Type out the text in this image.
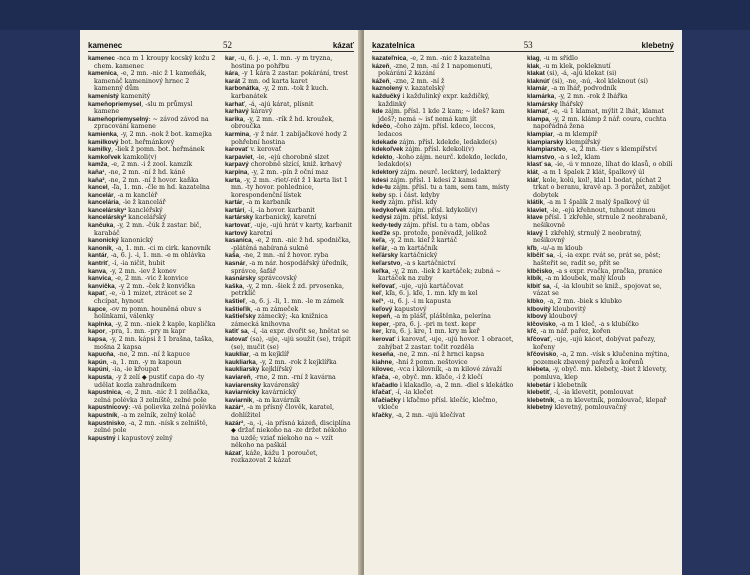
kamenec	52	kázať
kamenec -nca m 1 kroupy kocský kožu 2 chem. kamenec
kamenica, -e, 2 mn. -nic ž 1 kameňák, kamenáč kameninový hrnec 2 kamenný dům
kamenistý kamenitý
kameňopriemysel, -slu m průmysl kamene
kameňopriemyselný: ~ závod závod na zpracování kamene
kamienka, -y, 2 mn. -nok ž bot. kamejka
kamilkový bot. heřmánkový
kamilky, -liek ž pomn. bot. heřmánek
kamkoľvek kamkoli(v)
kamža, -e, 2 mn. -i ž zool. kamzík
kaňa¹, -ne, 2 mn. -ní ž hd. káně
kaňa², -ne, 2 mn. -ní ž hovor. kaňka
kancel, -ľa, 1. mn. -čle m hd. kazatelna
kancelár, -a m kancléř
kancelária, -ie ž kancelář
kancelársky¹ kancléřský
kancelársky² kancelářský
kančuka, -y, 2 mn. -čúk ž zastar. bič, karabáč
kanonický kanonický
kanonik, -a, 1. mn. -ci m cirk. kanovník
kantár, -a, 6. j. -i, 1. mn. -e m ohlávka
kantriť, -í, -ia ničit, hubit
kanva, -y, 2 mn. -iev ž konev
kanvica, -e, 2 mn. -vic ž konvice
kanvička, -y 2 mn. -ček ž konvička
kapať, -e, -ú 1 mizet, ztrácet se 2 chcípat, hynout
kapce, -ov m pomn. houněná obuv s holínkami, válenky
kaplnka, -y, 2 mn. -niek ž kaple, kaplička
kapor, -pra, 1. mn. -pry m kapr
kapsa, -y, 2 mn. kápsi ž 1 brašna, taška, mošna 2 kapsa
kapucňa, -ne, 2 mn. -ní ž kapuce
kapún, -a, 1. mn. -y m kapoun
kapúni, -ia, -ie křoupat
kapusta, -y ž zelí ◆ pustiť capa do -ty udělat kozla zahradníkem
kapustnica, -e, 2 mn. -nic ž 1 zelňačka, zelná polévka 3 zelníště, zelné pole
kapustnicový: -vá polievka zelná polévka
kapustník, -a m zelník, zelný koláč
kapustnisko, -a, 2 mn. -nísk s zelniště, zelné pole
kapustný i kapustový zelný
kar, -u, 6. j. -e, 1. mn. -y m tryzna, hostina po pohřbu
kára, -y 1 kára 2 zastar. pokárání, trest
karát 2 mn. od karta karet
karbonátka, -y, 2 mn. -tok ž kuch. karbanátek
karhať, -á, -ajú kárat, plísnit
karhavý káravý
karika, -y, 2 mn. -rík ž hd. kroužek, obroučka
karmina, -y ž nár. 1 zabíjačkové hody 2 pohřební hostina
karovať v. kerovať
karpaviet, -ie, -ejú chorobně slzet
karpavý chorobně slzící, kniž. krhavý
karpina, -y, 2 mn. -pín ž oční maz
karta, -y, 2 mn. -riet/-rát ž 1 karta list 1 mn. -ty hovor. pohlednice, korespondenční lístek
kartár, -a m karbaník
kartárí, -í, -ia hovor. karbanit
kartársky karbanický, karetní
kartovať, -uje, -ujú hrát v karty, karbanit
kartový karetní
kasanica, -e, 2 mn. -nic ž hd. spodnička, -plátěná nabíraná sukně
kaša, -ne, 2 mn. -ní ž hovor. ryba
kasnár, -a m nár. hospodářský úředník, správce, šafář
kasnársky správcovský
kaška, -y, 2 mn. -šiek ž zd. prvosenka, petrklíč
kaštieľ, -a, 6. j. -li, 1. mn. -le m zámek
kaštieľik, -a m zámeček
kaštieľsky zámecký; -ka knižnica zámecká knihovna
katiť sa, -í, -ia expr. dvořit se, hnětat se
katovať (sa), -uje, -ujú soužit (se), trápit (se), mučit (se)
kaukliar, -a m kejklíř
kaukliarka, -y, 2 mn. -rok ž kejklířka
kaukliarsky kejklířský
kaviareň, -rne, 2 mn. -rní ž kavárna
kaviarensky kavárenský
kaviarnícky kavárnický
kaviarnik, -a m kavárník
kazár¹, -a m pŕísný člověk, karatel, dohlížitel
kazár², -a, -i, -ia pŕísná kázeň, disciplína ◆ držať niekoho na -ze držet někoho na uzdě; vziať niekoho na ~ vzít někoho na paškál
kázať, káže, kážu 1 poroučet, rozkazovat 2 kázat
kazatelnica	53	klebetný
kazateľnica, -e, 2 mn. -nic ž kazatelna
kázeň, -zne, 2 mn. -ní ž 1 napomenutí, pokárání 2 kázání
kážeň, -zne, 2 mn. -ní ž
kaznolený v. kazatelský
každučký i každulinký expr. každičký, každinký
kde zájm. přísl. 1 kde 2 kam; ~ ideš? kam jdeš?; nemá ~ isť nemá kam jít
kdečo, -čoho zájm. přísl. kdeco, leccos, ledacos
kdekade zájm. přísl. kdekde, ledakde(s)
kdekoľvek zájm. přísl. kdekoli(v)
kdekto, -koho zájm. neurč. kdekdo, leckdo, ledakdo(s)
kdektorý zájm. neurč. leckterý, ledakterý
kdesi zájm. přísl. 1 kdesi 2 kamsi
kde-tu zájm. přísl. tu a tam, sem tam, místy
keby sp. i část. kdyby
kedy zájm. přísl. kdy
kedykoľvek zájm. přísl. kdykoli(v)
kedysi zájm. přísl. kdysi
kedy-tedy zájm. přísl. tu a tam, občas
keďže sp. protože, poněvadž, jelikož
keľa, -y, 2 mn. kieľ ž kartáč
keľár, -a m kartáčník
keľársky kartáčnický
keľarstvo, -a s kartáčnictví
keľka, -y, 2 mn. -liek ž kartáček; zubná ~ kartáček na zuby
keľovať, -uje, -ujú kartáčovat
keľ, kľa, 6. j. kľe, 1. mn. kľy m kel
keľ¹, -u, 6. j. -i m kapusta
keľový kapustový
kepeň, -a m plášť, pláštěnka, pelerína
keper, -pra, 6. j. -pri m text. kepr
ker, kra, 6. j. kre, 1 mn. kry m keř
kerovať i karovať, -uje, -ujú hovor. 1 obracet, zahýbat 2 zastar. točit rozděla
keseňa, -ne, 2 mn. -ní ž hrnci kapsa
kiahne, -hní ž pomn. neštovice
kilovec, -vca i kilovník, -a m kilové závaží
kľača, -e, obyč. mn. kľače, -í ž klečí
kľačadlo i klakadlo, -a, 2 mn. -diel s klekátko
kľačať, -í, -ia klečet
kľačiačky i kľačmo přísl. klečíc, klečmo, vkleče
kľačky, -a, 2 mn. -ujú klečívat
klag, -u m sřídlo
klak, -u m klek, pokleknutí
klakat (si), -á, -ajú klekat (si)
klaknúť (si), -ne, -nú, -kol kleknout (si)
klamár, -a m lhář, podvodník
klamárka, -y, 2 mn. -rok ž lhářka
klamársky lhářský
klamať, -e, -ú 1 klamat, mýlit 2 lhát, klamat
klampa, -y, 2 mn. klámp ž nář. coura, cuchta napořádná žena
klampiar, -a m klempíř
klampiarsky klempířský
klampiarstvo, -a, 2 mn. -tiev s klempířství
klamstvo, -a s lež, klam
klasť sa, -ie, -ú v mnoze, líhat do klasů, o obilí
klát, -a m 1 špalek 2 klát, špalkový úl
kláť, kole, kolú, kol!, klal 1 bodat, píchat 2 trkat o beranu, kravě ap. 3 porážet, zabíjet dobytek
klátik, -a m 1 špalík 2 malý špalkový úl
klaviet, -ie, -ejú křehnout, tuhnout zimou
klave přísl. 1 zkřehle, strnule 2 neohrabaně, nešikovně
klavý 1 zkřehlý, strnulý 2 neobratný, nešikovný
kľb, -u/-a m kloub
klbčiť sa, -í, -ia expr. rvát se, prát se, pěst; hašteřit se, radit se, přít se
klbčisko, -a s expr. rvačka, pračka, pranice
klbík, -a m kloubek, malý kloub
klbiť sa, -í, -ia kloubit se kniž., spojovat se, vázat se
klbko, -a, 2 mn. -biek s klubko
klbovitý kloubovitý
klbový kloubový
klčovisko, -a m 1 kleč, -a s klubíčko
kľč, -a m nář. pařez, kořen
kľčovať, -uje, -ujú kácet, dobývat pařezy, kořeny
kľčovisko, -a, 2 mn. -vísk s klučenina mýtina, pozemek zbavený pařezů a kořenů
klebeta, -y, obyč. mn. klebety, -biet ž klevety, pomluva, klep
klebetár i klebetník
klebetiť, -í, -ia klevetit, pomlouvat
klebetník, -a m klevetník, pomlouvač, klepař
klebetný klevetný, pomlouvačný
